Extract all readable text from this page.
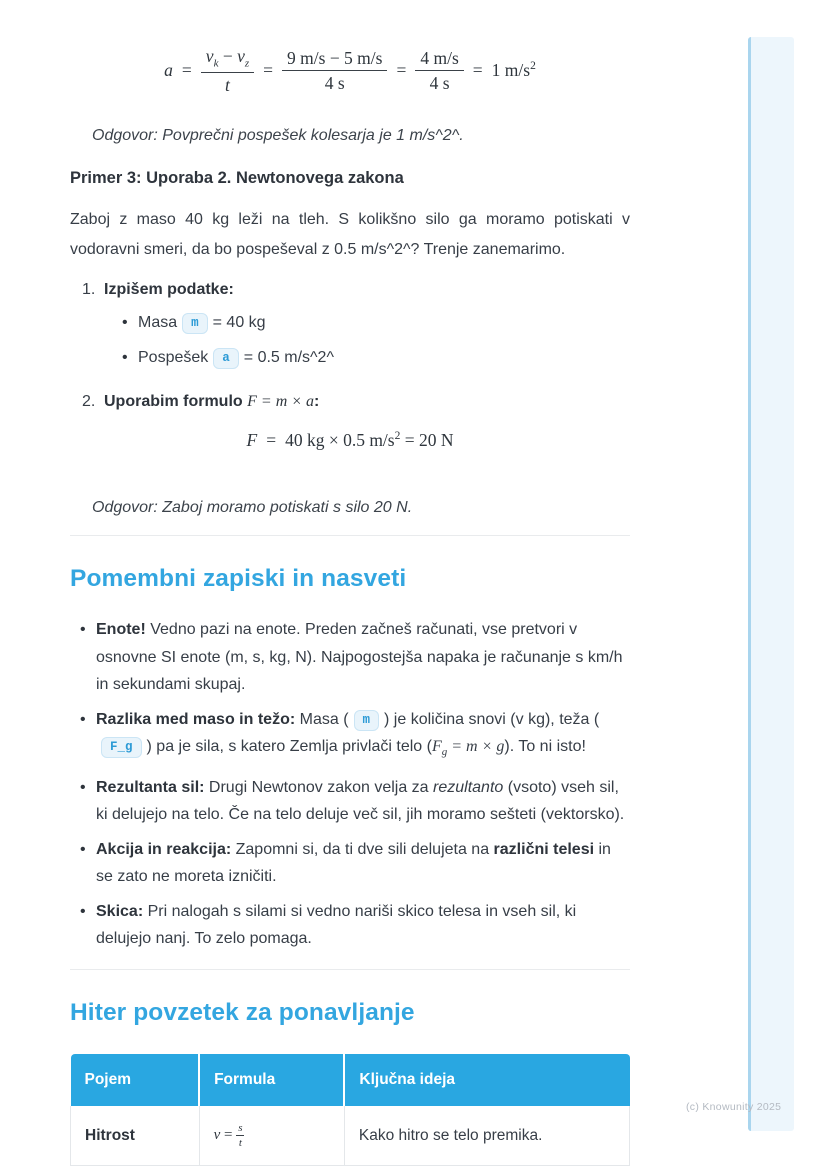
$a = \frac{v_k - v_z}{t} = \frac{9 m/s - 5 m/s}{4 s} = \frac{4 m/s}{4 s} = 1$ $m/s^2$
Odgovor: Povprečni pospešek kolesarja je 1 m/s^2^.
Primer 3: Uporaba 2. Newtonovega zakona

Zaboj z maso 40 kg leži na tleh. S kolikšno silo ga moramo potiskati v vodoravni smeri, da bo pospeševal z 0.5 m/s^2^? Trenje zanemarimo.

1. Izpišem podatke:
• Masa m = 40 kg
• Pospešek a = 0.5 m/s^2^
2. Uporabim formulo F = m × a:
F = 40 kg × 0.5 $m/s^2 = 20$ N
Odgovor: Zaboj moramo potiskati s silo 20 N.
Pomembni zapiski in nasveti
• Enote! Vedno pazi na enote. Preden začneš računati, vse pretvori v osnovne SI enote (m, s, kg, N). Najpogostejša napaka je računanje s km/h in sekundami skupaj.
• Razlika med maso in težo: Masa ( m ) je količina snovi (v kg), teža (F_g ) pa je sila, s katero Zemlja privlači telo $(F_g = m \times g)$. To ni isto!
• Rezultanta sil: Drugi Newtonov zakon velja za rezultanto (vsoto) vseh sil, ki delujejo na telo. Če na telo deluje več sil, jih moramo sešteti (vektorsko).
• Akcija in reakcija: Zapomni si, da ti dve sili delujeta na različni telesi in se zato ne moreta izničiti.
• Skica: Pri nalogah s silami si vedno nariši skico telesa in vseh sil, ki delujejo nanj. To zelo pomaga.
Hiter povzetek za ponavljanje
Pojem	Formula	Ključna ideja
Hitrost	$v = \frac{s}{t}$	Kako hitro se telo premika.
(c) Knowunity 2025
